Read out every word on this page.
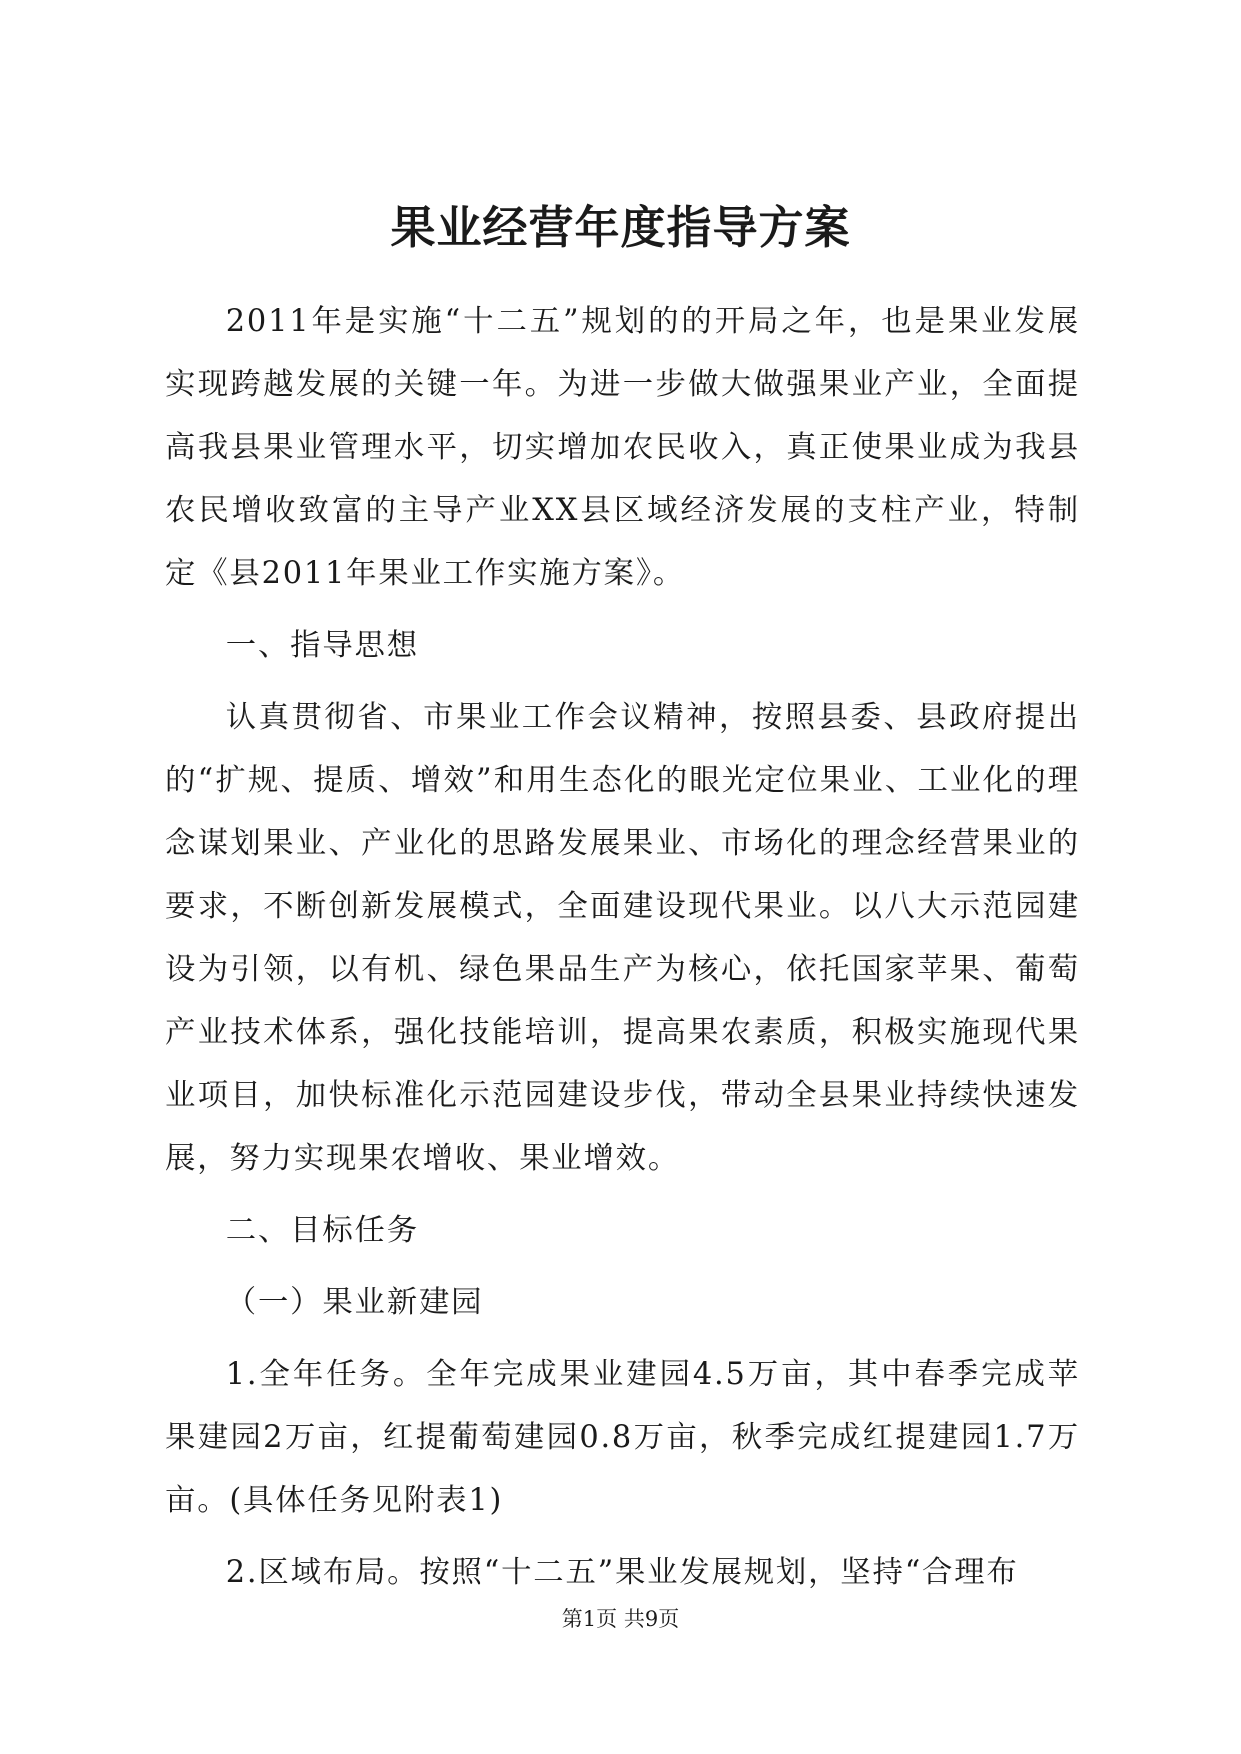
果业经营年度指导方案

2011年是实施“十二五”规划的的开局之年，也是果业发展实现跨越发展的关键一年。为进一步做大做强果业产业，全面提高我县果业管理水平，切实增加农民收入，真正使果业成为我县农民增收致富的主导产业XX县区域经济发展的支柱产业，特制定《县2011年果业工作实施方案》。

一、指导思想

认真贯彻省、市果业工作会议精神，按照县委、县政府提出的“扩规、提质、增效”和用生态化的眼光定位果业、工业化的理念谋划果业、产业化的思路发展果业、市场化的理念经营果业的要求，不断创新发展模式，全面建设现代果业。以八大示范园建设为引领，以有机、绿色果品生产为核心，依托国家苹果、葡萄产业技术体系，强化技能培训，提高果农素质，积极实施现代果业项目，加快标准化示范园建设步伐，带动全县果业持续快速发展，努力实现果农增收、果业增效。

二、目标任务

（一）果业新建园

1.全年任务。全年完成果业建园4.5万亩，其中春季完成苹果建园2万亩，红提葡萄建园0.8万亩，秋季完成红提建园1.7万亩。(具体任务见附表1)

2.区域布局。按照“十二五”果业发展规划，坚持“合理布

第1页 共9页
